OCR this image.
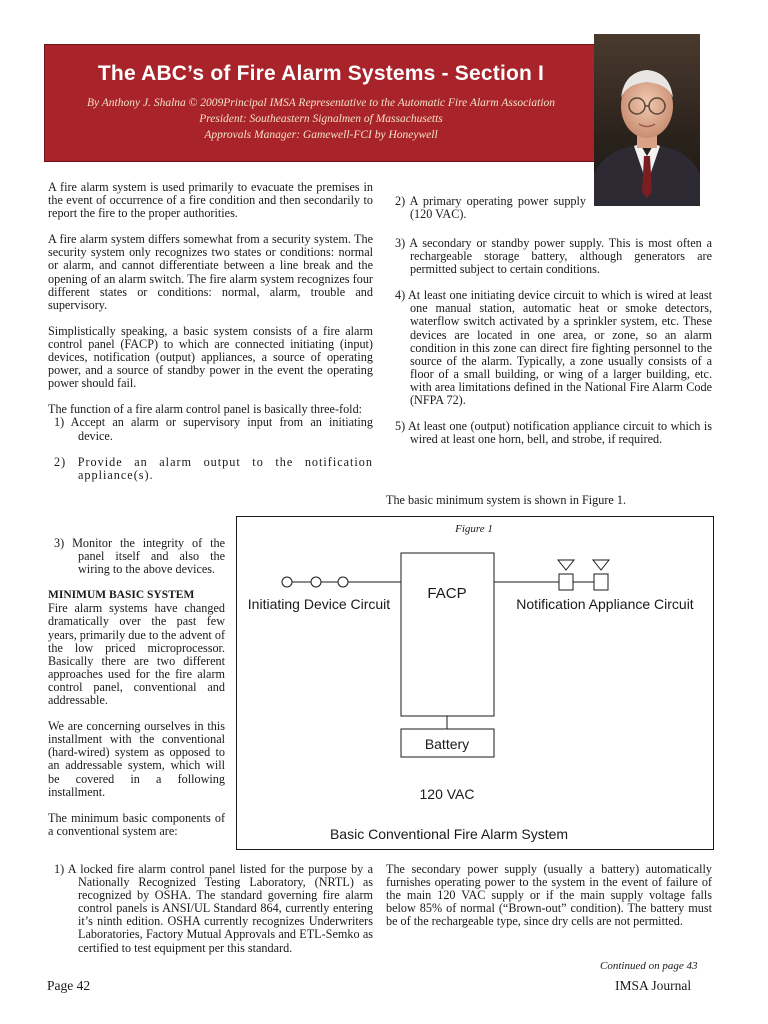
The ABC’s of Fire Alarm Systems - Section I
By Anthony J. Shalna © 2009Principal IMSA Representative to the Automatic Fire Alarm Association
President: Southeastern Signalmen of Massachusetts
Approvals Manager: Gamewell-FCI by Honeywell

A fire alarm system is used primarily to evacuate the premises in the event of occurrence of a fire condition and then secondarily to report the fire to the proper authorities.

A fire alarm system differs somewhat from a security system. The security system only recognizes two states or conditions: normal or alarm, and cannot differentiate between a line break and the opening of an alarm switch. The fire alarm system recognizes four different states or conditions: normal, alarm, trouble and supervisory.

Simplistically speaking, a basic system consists of a fire alarm control panel (FACP) to which are connected initiating (input) devices, notification (output) appliances, a source of operating power, and a source of standby power in the event the operating power should fail.

The function of a fire alarm control panel is basically three-fold:

1) Accept an alarm or supervisory input from an initiating device.

2) Provide an alarm output to the notification appliance(s).

3) Monitor the integrity of the panel itself and also the wiring to the above devices.

MINIMUM BASIC SYSTEM

Fire alarm systems have changed dramatically over the past few years, primarily due to the advent of the low priced microprocessor. Basically there are two different approaches used for the fire alarm control panel, conventional and addressable.

We are concerning ourselves in this installment with the conventional (hard-wired) system as opposed to an addressable system, which will be covered in a following installment.

The minimum basic components of a conventional system are:

1) A locked fire alarm control panel listed for the purpose by a Nationally Recognized Testing Laboratory, (NRTL) as recognized by OSHA. The standard governing fire alarm control panels is ANSI/UL Standard 864, currently entering it’s ninth edition. OSHA currently recognizes Underwriters Laboratories, Factory Mutual Approvals and ETL-Semko as certified to test equipment per this standard.

2) A primary operating power supply (120 VAC).

3) A secondary or standby power supply. This is most often a rechargeable storage battery, although generators are permitted subject to certain conditions.

4) At least one initiating device circuit to which is wired at least one manual station, automatic heat or smoke detectors, waterflow switch activated by a sprinkler system, etc. These devices are located in one area, or zone, so an alarm condition in this zone can direct fire fighting personnel to the source of the alarm. Typically, a zone usually consists of a floor of a small building, or wing of a larger building, etc. with area limitations defined in the National Fire Alarm Code (NFPA 72).

5) At least one (output) notification appliance circuit to which is wired at least one horn, bell, and strobe, if required.

The basic minimum system is shown in Figure 1.
Figure 1
FACP
Initiating Device Circuit	Notification Appliance Circuit
Battery
120 VAC
Basic Conventional Fire Alarm System

The secondary power supply (usually a battery) automatically furnishes operating power to the system in the event of failure of the main 120 VAC supply or if the main supply voltage falls below 85% of normal (“Brown-out” condition). The battery must be of the rechargeable type, since dry cells are not permitted.

Continued on page 43
Page 42	IMSA Journal
